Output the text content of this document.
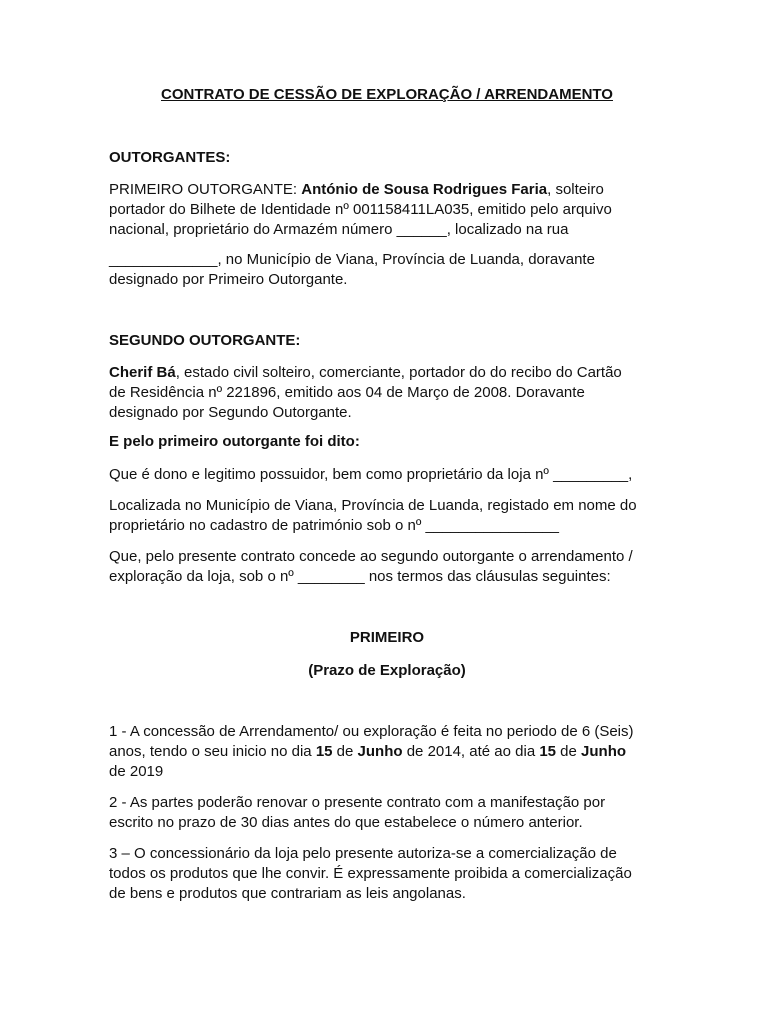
CONTRATO DE CESSÃO DE EXPLORAÇÃO / ARRENDAMENTO

OUTORGANTES:

PRIMEIRO OUTORGANTE: António de Sousa Rodrigues Faria, solteiro
portador do Bilhete de Identidade nº 001158411LA035, emitido pelo arquivo
nacional, proprietário do Armazém número ______, localizado na rua
_____________, no Município de Viana, Província de Luanda, doravante
designado por Primeiro Outorgante.

SEGUNDO OUTORGANTE:

Cherif Bá, estado civil solteiro, comerciante, portador do do recibo do Cartão
de Residência nº 221896, emitido aos 04 de Março de 2008. Doravante
designado por Segundo Outorgante.

E pelo primeiro outorgante foi dito:

Que é dono e legitimo possuidor, bem como proprietário da loja nº _________,

Localizada no Município de Viana, Província de Luanda, registado em nome do
proprietário no cadastro de património sob o nº ________________
Que, pelo presente contrato concede ao segundo outorgante o arrendamento /
exploração da loja, sob o nº ________ nos termos das cláusulas seguintes:

PRIMEIRO

(Prazo de Exploração)

1 - A concessão de Arrendamento/ ou exploração é feita no periodo de 6 (Seis)
anos, tendo o seu inicio no dia 15 de Junho de 2014, até ao dia 15 de Junho
de 2019
2 - As partes poderão renovar o presente contrato com a manifestação por
escrito no prazo de 30 dias antes do que estabelece o número anterior.
3 – O concessionário da loja pelo presente autoriza-se a comercialização de
todos os produtos que lhe convir. É expressamente proibida a comercialização
de bens e produtos que contrariam as leis angolanas.
